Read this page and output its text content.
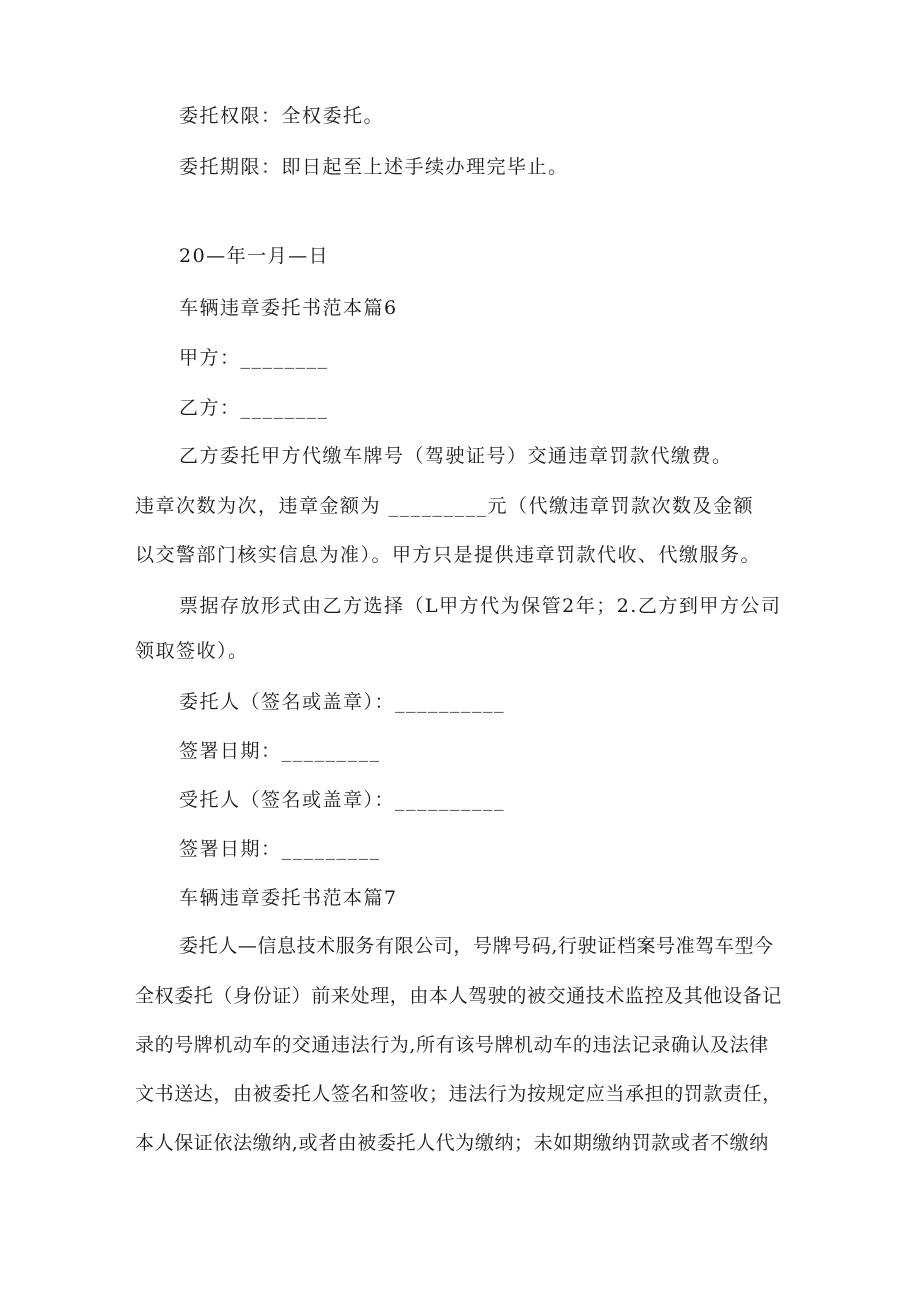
委托权限：全权委托。
委托期限：即日起至上述手续办理完毕止。
20—年一月—日
车辆违章委托书范本篇6
甲方：________
乙方：________
乙方委托甲方代缴车牌号（驾驶证号）交通违章罚款代缴费。
违章次数为次，违章金额为 _________元（代缴违章罚款次数及金额
以交警部门核实信息为准）。甲方只是提供违章罚款代收、代缴服务。
票据存放形式由乙方选择（L甲方代为保管2年；2.乙方到甲方公司
领取签收）。
委托人（签名或盖章）：__________
签署日期：_________
受托人（签名或盖章）：__________
签署日期：_________
车辆违章委托书范本篇7
委托人—信息技术服务有限公司，号牌号码,行驶证档案号准驾车型今
全权委托（身份证）前来处理，由本人驾驶的被交通技术监控及其他设备记
录的号牌机动车的交通违法行为,所有该号牌机动车的违法记录确认及法律
文书送达，由被委托人签名和签收；违法行为按规定应当承担的罚款责任，
本人保证依法缴纳,或者由被委托人代为缴纳；未如期缴纳罚款或者不缴纳
